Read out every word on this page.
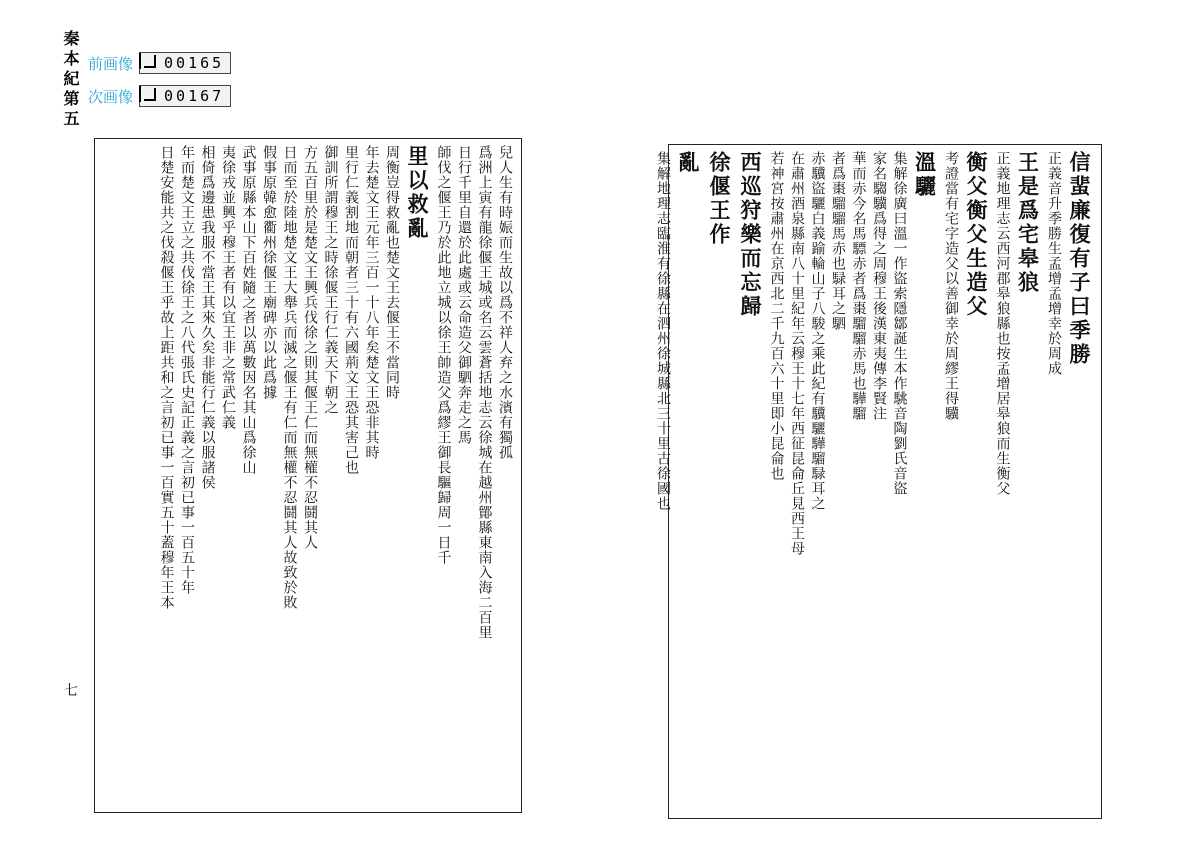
前画像 00165
次画像 00167
秦本紀第五
七
兒人生有時娠而生故以爲不祥人弃之水濱有獨孤
爲洲上寅有龍徐偃王城或名云雲蒼括地志云徐城在越州鄮縣東南入海二百里
日行千里自還於此處或云命造父御駟奔走之馬
師伐之偃王乃於此地立城以徐王帥造父爲繆王御長驅歸周一日千
里以救亂
周衡豈得救亂也楚文王去偃王不當同時
年去楚文王元年三百一十八年矣楚文王恐非其時
里行仁義割地而朝者三十有六國荊文王恐其害己也
御訓所謂穆王之時徐偃王行仁義天下朝之
方五百里於是楚文王興兵伐徐之則其偃王仁而無權不忍鬪其人
日而至於陸地楚文王大舉兵而滅之偃王有仁而無權不忍鬪其人故致於敗
假事原韓愈衢州徐偃王廟碑亦以此爲據
武事原縣本山下百姓隨之者以萬數因名其山爲徐山
夷徐戎並興乎穆王者有以宜王非之常武仁義
相倚爲邊患我服不當王其來久矣非能行仁義以服諸侯
年而楚文王立之共伐徐王之八代張氏史記正義之言初已事一百五十年
日楚安能共之伐殺偃王乎故上距共和之言初已事一百實五十蓋穆年王本	信蜚廉復有子曰季勝
正義音升季勝生孟增孟增幸於周成
王是爲宅皋狼
正義地理志云西河郡皋狼縣也按孟增居皋狼而生衡父
衡父衡父生造父
考證當有宅字造父以善御幸於周繆王得驥
溫驪
集解徐廣曰溫一作盜索隱鄒誕生本作駣音陶劉氏音盜
家名騶驥爲得之周穆王後漢東夷傳李賢注
華而赤今名馬驃赤者爲棗騮騮赤馬也驊騮
者爲棗騮騮馬赤也騄耳之駟
赤驥盜驪白義踰輪山子八駿之乘此紀有驥驪驊騮騄耳之
在肅州酒泉縣南八十里紀年云穆王十七年西征昆侖丘見西王母
若神宮按肅州在京西北二千九百六十里即小昆侖也
西巡狩樂而忘歸
徐偃王作
亂
集解地理志臨淮有徐縣在泗州徐城縣北三十里古徐國也
